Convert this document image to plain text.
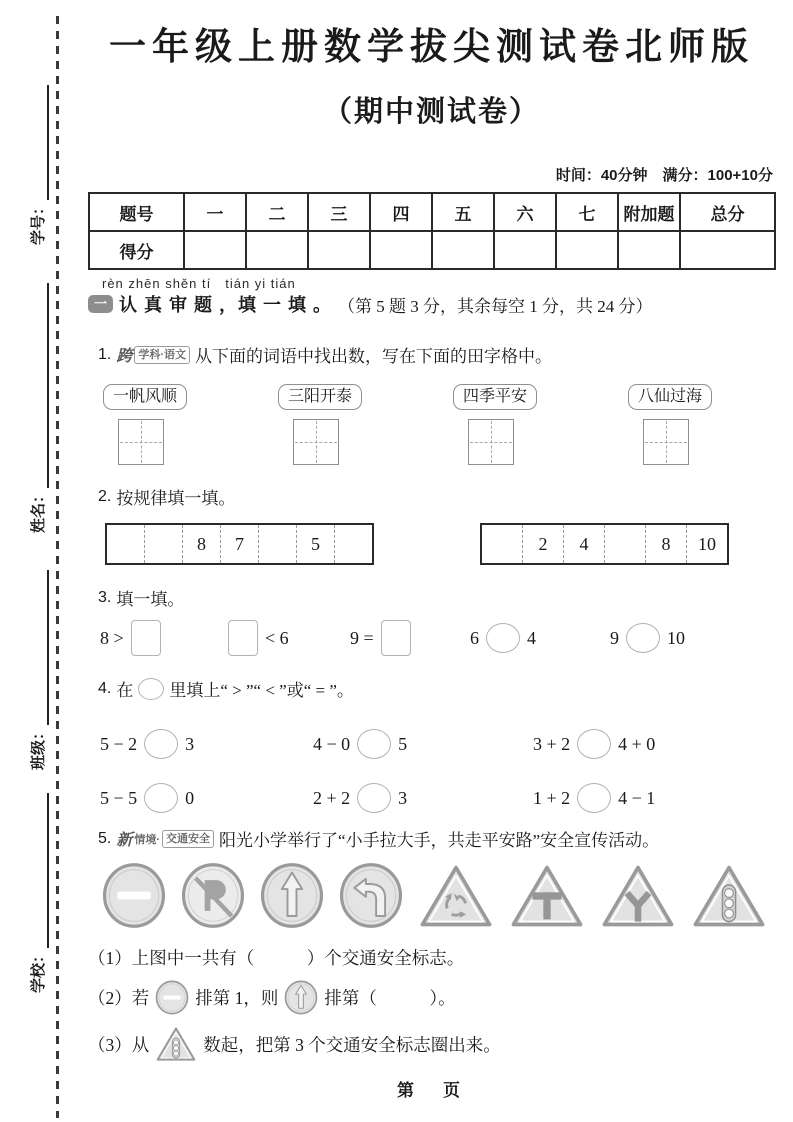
学号：
姓名：
班级：
学校：
一年级上册数学拔尖测试卷北师版
（期中测试卷）
时间：40分钟　满分：100+10分
题号	一	二	三	四	五	六	七	附加题	总分
得分									
rèn zhēn shěn tí　tián yi tián
一 认 真 审 题 ，填 一 填 。 （第 5 题 3 分，其余每空 1 分，共 24 分）
1. 跨 学科·语文 从下面的词语中找出数，写在下面的田字格中。
一帆风顺	三阳开泰	四季平安	八仙过海
2. 按规律填一填。
8	7	5	2	4	8	10
3. 填一填。
8 >	< 6	9 =	6	4	9	10
4. 在 里填上“ > ”“ < ”或“ = ”。
5 − 2	3	4 − 0	5	3 + 2	4 + 0
5 − 5	0	2 + 2	3	1 + 2	4 − 1
5. 新 情境· 交通安全 阳光小学举行了“小手拉大手，共走平安路”安全宣传活动。
（1）上图中一共有（　　　）个交通安全标志。
（2）若	排第 1，则	排第（　　　）。
（3）从	数起，把第 3 个交通安全标志圈出来。
第　页
